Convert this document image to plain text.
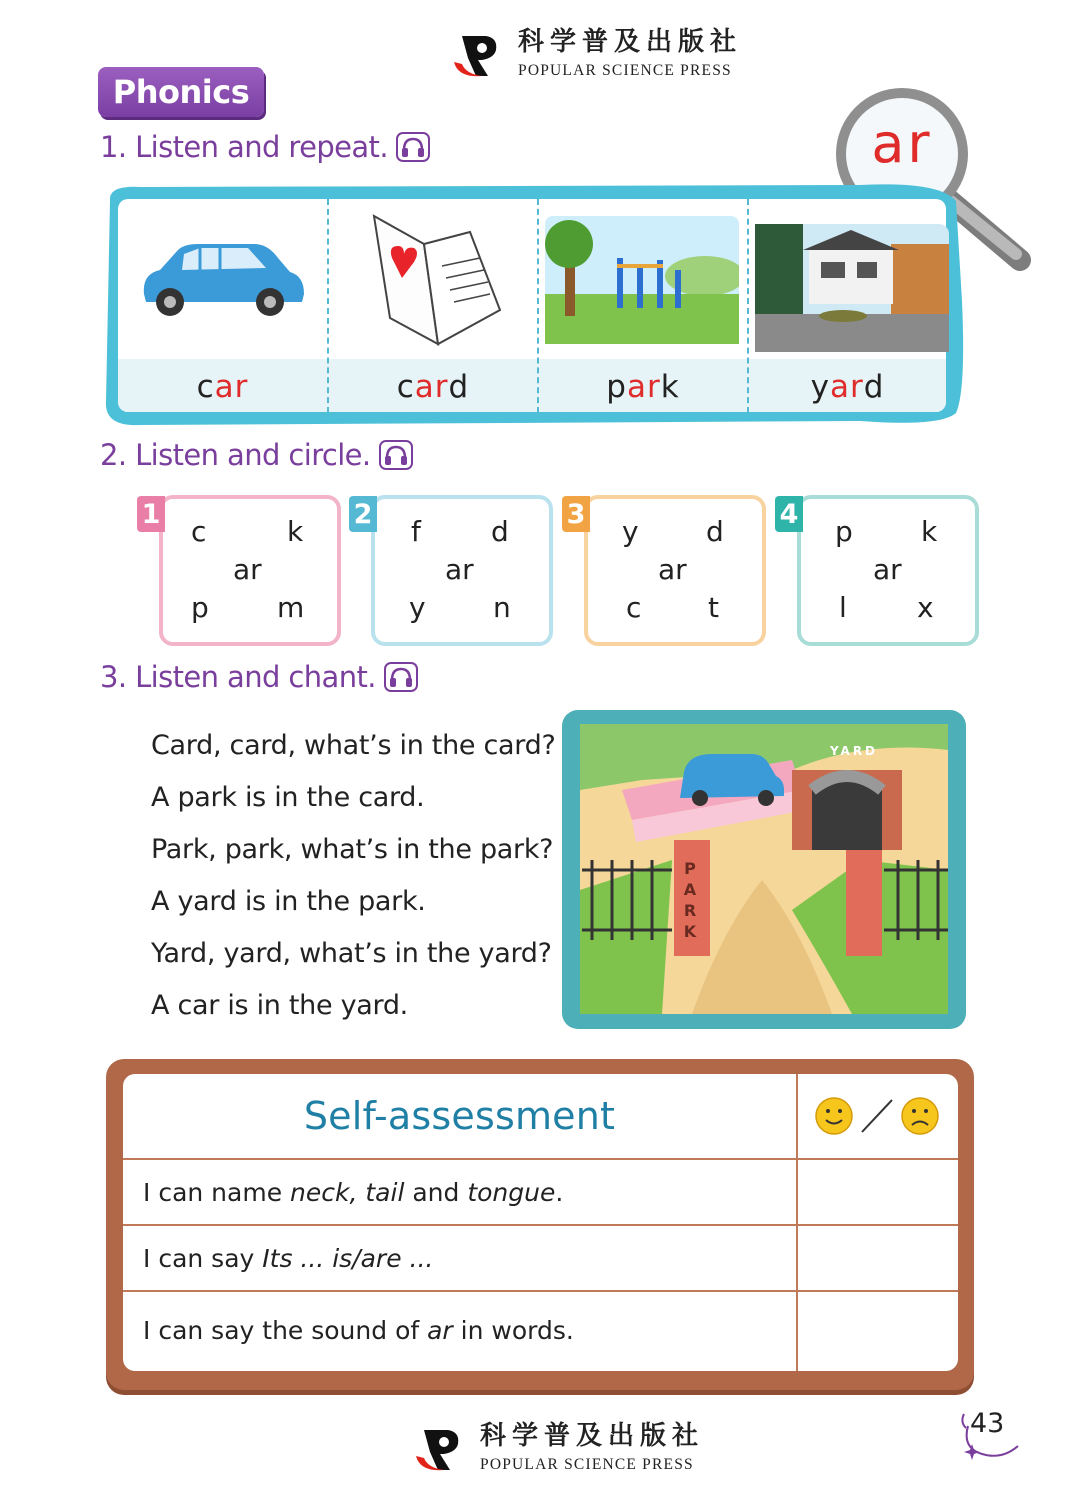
科学普及出版社
POPULAR SCIENCE PRESS
Phonics
ar
1. Listen and repeat.
c ar	c ar d	p ar k	y ar d
2. Listen and circle.
1
c	k
ar
p m
2
f	d
ar
y n
3
y d
ar
c t
4
p k
ar
l	x
3. Listen and chant.
Card, card, what’s in the card?
A park is in the card.
Park, park, what’s in the park?
A yard is in the park.
Yard, yard, what’s in the yard?
A car is in the yard.
YARD
PARK
Self-assessment
I can name neck, tail and tongue .
I can say Its ... is/are ...
I can say the sound of ar in words.
科学普及出版社
POPULAR SCIENCE PRESS
43
